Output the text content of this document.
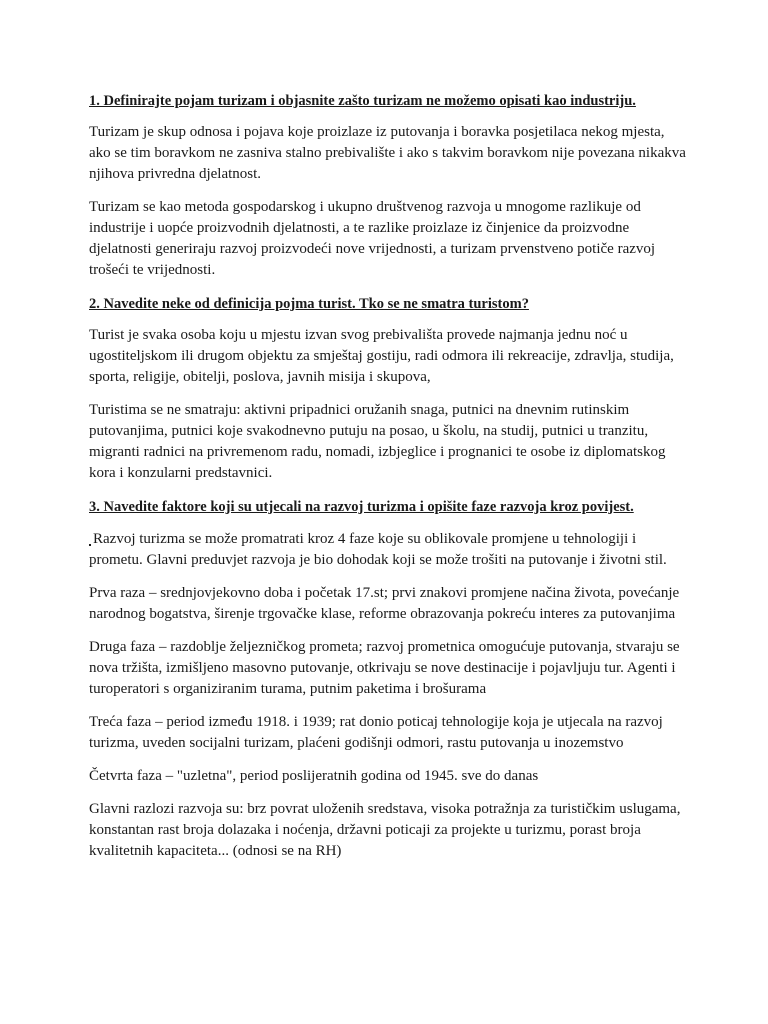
1. Definirajte pojam turizam i objasnite zašto turizam ne možemo opisati kao industriju.

Turizam je skup odnosa i pojava koje proizlaze iz putovanja i boravka posjetilaca nekog mjesta, ako se tim boravkom ne zasniva stalno prebivalište i ako s takvim boravkom nije povezana nikakva njihova privredna djelatnost.

Turizam se kao metoda gospodarskog i ukupno društvenog razvoja u mnogome razlikuje od industrije i uopće proizvodnih djelatnosti, a te razlike proizlaze iz činjenice da proizvodne djelatnosti generiraju razvoj proizvodeći nove vrijednosti, a turizam prvenstveno potiče razvoj trošeći te vrijednosti.

2. Navedite neke od definicija pojma turist. Tko se ne smatra turistom?

Turist je svaka osoba koju u mjestu izvan svog prebivališta provede najmanja jednu noć u ugostiteljskom ili drugom objektu za smještaj gostiju, radi odmora ili rekreacije, zdravlja, studija, sporta, religije, obitelji, poslova, javnih misija i skupova,

Turistima se ne smatraju: aktivni pripadnici oružanih snaga, putnici na dnevnim rutinskim putovanjima, putnici koje svakodnevno putuju na posao, u školu, na studij, putnici u tranzitu, migranti radnici na privremenom radu, nomadi, izbjeglice i prognanici te osobe iz diplomatskog kora i konzularni predstavnici.

3. Navedite faktore koji su utjecali na razvoj turizma i opišite faze razvoja kroz povijest.

Razvoj turizma se može promatrati kroz 4 faze koje su oblikovale promjene u tehnologiji i prometu. Glavni preduvjet razvoja je bio dohodak koji se može trošiti na putovanje i životni stil.

Prva raza – srednjovjekovno doba i početak 17.st; prvi znakovi promjene načina života, povećanje narodnog bogatstva, širenje trgovačke klase, reforme obrazovanja pokreću interes za putovanjima

Druga faza – razdoblje željezničkog prometa; razvoj prometnica omogućuje putovanja, stvaraju se nova tržišta, izmišljeno masovno putovanje, otkrivaju se nove destinacije i pojavljuju tur. Agenti i turoperatori s organiziranim turama, putnim paketima i brošurama

Treća faza – period između 1918. i 1939; rat donio poticaj tehnologije koja je utjecala na razvoj turizma, uveden socijalni turizam, plaćeni godišnji odmori, rastu putovanja u inozemstvo

Četvrta faza – "uzletna", period poslijeratnih godina od 1945. sve do danas

Glavni razlozi razvoja su: brz povrat uloženih sredstava, visoka potražnja za turističkim uslugama, konstantan rast broja dolazaka i noćenja, državni poticaji za projekte u turizmu, porast broja kvalitetnih kapaciteta... (odnosi se na RH)
